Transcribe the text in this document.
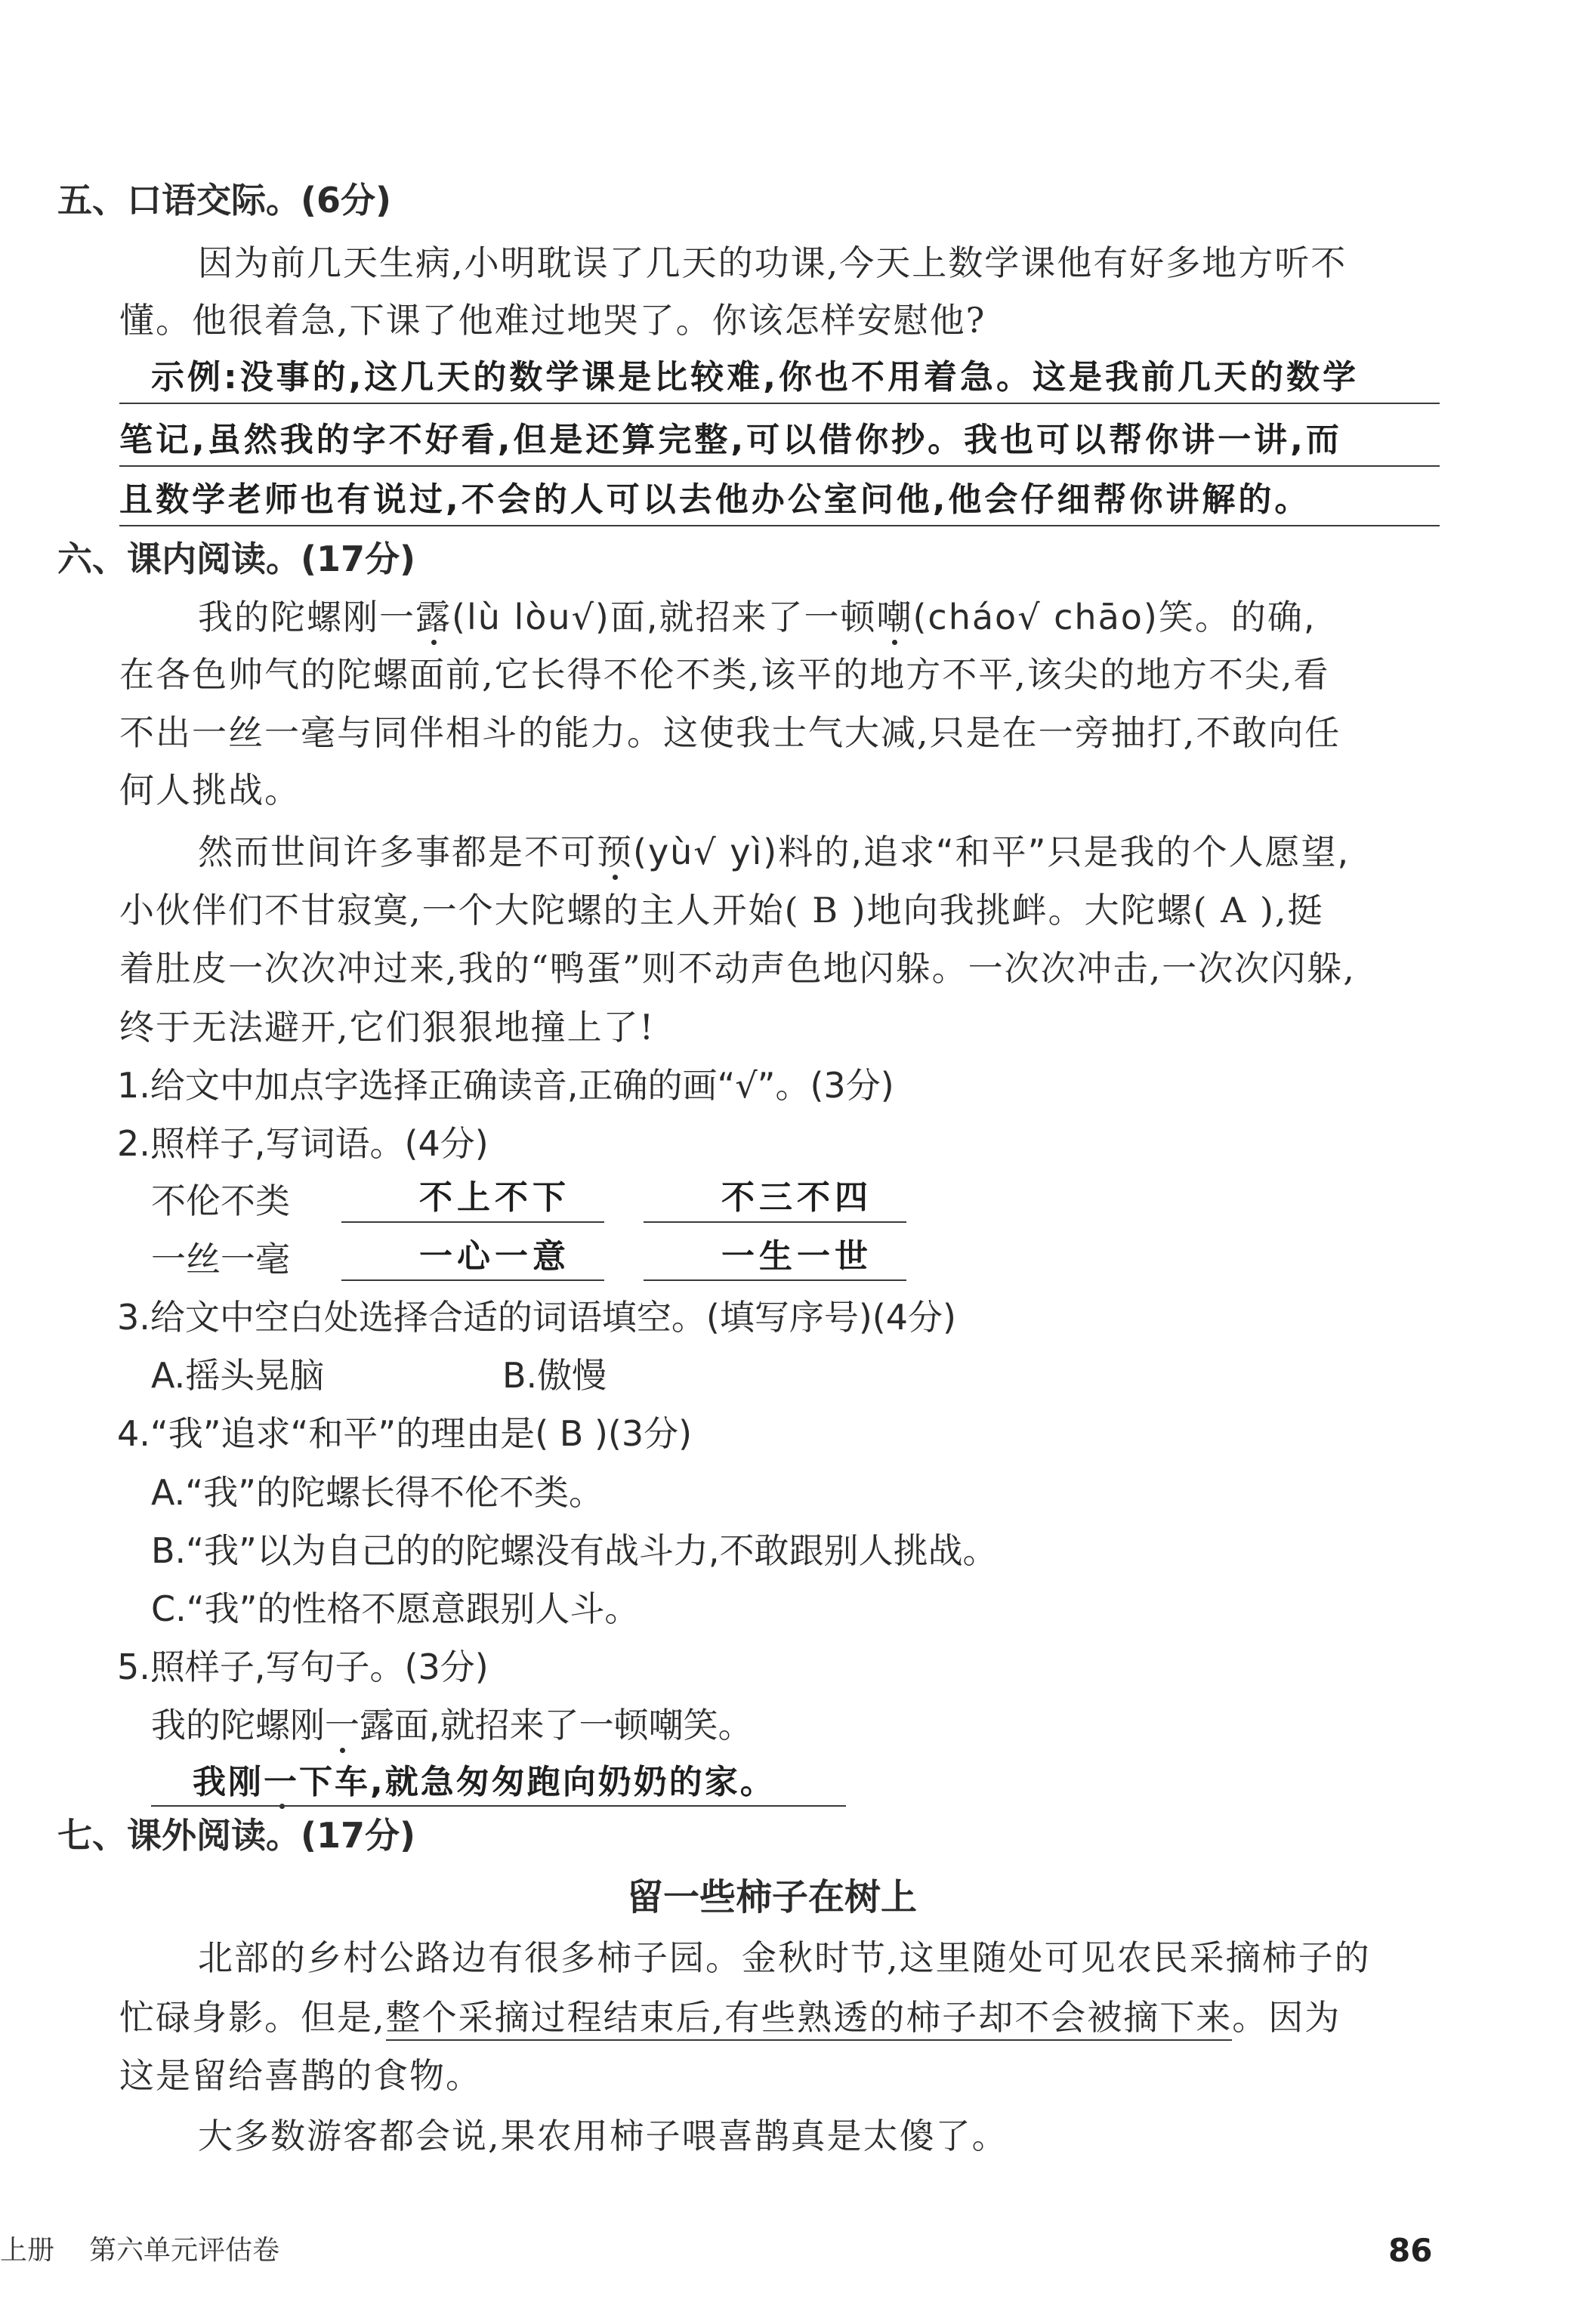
五、口语交际。(6分)
因为前几天生病,小明耽误了几天的功课,今天上数学课他有好多地方听不
懂。他很着急,下课了他难过地哭了。你该怎样安慰他?
示例:没事的,这几天的数学课是比较难,你也不用着急。这是我前几天的数学
笔记,虽然我的字不好看,但是还算完整,可以借你抄。我也可以帮你讲一讲,而
且数学老师也有说过,不会的人可以去他办公室问他,他会仔细帮你讲解的。
六、课内阅读。(17分)
我的陀螺刚一露(lù lòu√)面,就招来了一顿嘲(cháo√ chāo)笑。的确,
在各色帅气的陀螺面前,它长得不伦不类,该平的地方不平,该尖的地方不尖,看
不出一丝一毫与同伴相斗的能力。这使我士气大减,只是在一旁抽打,不敢向任
何人挑战。
然而世间许多事都是不可预(yù√ yì)料的,追求“和平”只是我的个人愿望,
小伙伴们不甘寂寞,一个大陀螺的主人开始( B )地向我挑衅。大陀螺( A ),挺
着肚皮一次次冲过来,我的“鸭蛋”则不动声色地闪躲。一次次冲击,一次次闪躲,
终于无法避开,它们狠狠地撞上了!
1.给文中加点字选择正确读音,正确的画“√”。(3分)
2.照样子,写词语。(4分)
不伦不类	不上不下	不三不四
一丝一毫	一心一意	一生一世
3.给文中空白处选择合适的词语填空。(填写序号)(4分)
A.摇头晃脑	B.傲慢
4.“我”追求“和平”的理由是( B )(3分)
A.“我”的陀螺长得不伦不类。
B.“我”以为自己的的陀螺没有战斗力,不敢跟别人挑战。
C.“我”的性格不愿意跟别人斗。
5.照样子,写句子。(3分)
我的陀螺刚一露面,就招来了一顿嘲笑。
我刚一下车,就急匆匆跑向奶奶的家。
七、课外阅读。(17分)
留一些柿子在树上
北部的乡村公路边有很多柿子园。金秋时节,这里随处可见农民采摘柿子的
忙碌身影。但是,整个采摘过程结束后,有些熟透的柿子却不会被摘下来。因为
这是留给喜鹊的食物。
大多数游客都会说,果农用柿子喂喜鹊真是太傻了。
上册 第六单元评估卷	86
